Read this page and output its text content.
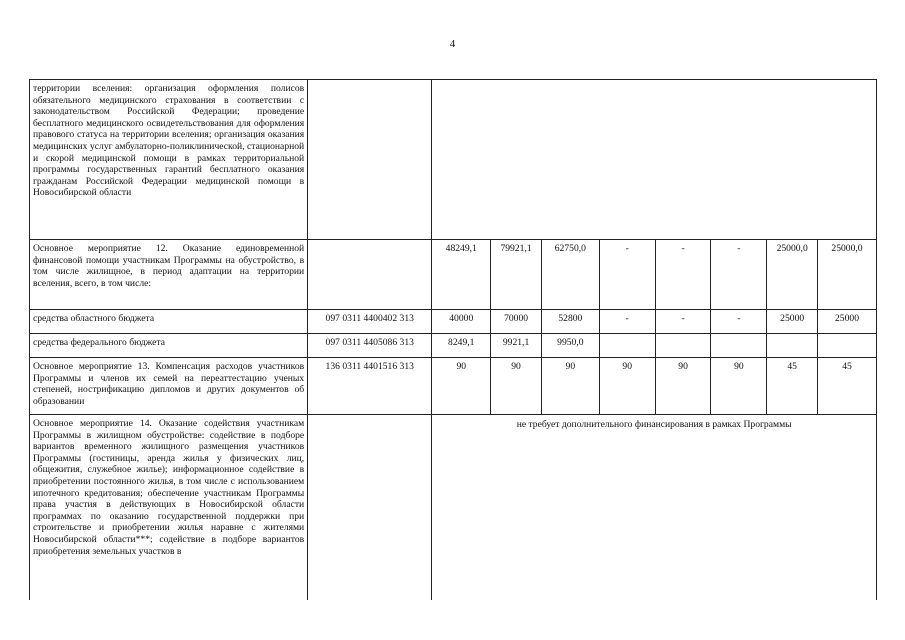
4
территории вселения: организация оформления полисов обязательного медицинского страхования в соответствии с законодательством Российской Федерации; проведение бесплатного медицинского освидетельствования для оформления правового статуса на территории вселения; организация оказания медицинских услуг амбулаторно-поликлинической, стационарной и скорой медицинской помощи в рамках территориальной программы государственных гарантий бесплатного оказания гражданам Российской Федерации медицинской помощи в Новосибирской области									
Основное мероприятие 12. Оказание единовременной финансовой помощи участникам Программы на обустройство, в том числе жилищное, в период адаптации на территории вселения, всего, в том числе:		48249,1	79921,1	62750,0	-	-	-	25000,0	25000,0
средства областного бюджета	097 0311 4400402 313	40000	70000	52800	-	-	-	25000	25000
средства федерального бюджета	097 0311 4405086 313	8249,1	9921,1	9950,0					
Основное мероприятие 13. Компенсация расходов участников Программы и членов их семей на переаттестацию ученых степеней, нострификацию дипломов и других документов об образовании	136 0311 4401516 313	90	90	90	90	90	90	45	45
Основное мероприятие 14. Оказание содействия участникам Программы в жилищном обустройстве: содействие в подборе вариантов временного жилищного размещения участников Программы (гостиницы, аренда жилья у физических лиц, общежития, служебное жилье); информационное содействие в приобретении постоянного жилья, в том числе с использованием ипотечного кредитования; обеспечение участникам Программы права участия в действующих в Новосибирской области программах по оказанию государственной поддержки при строительстве и приобретении жилья наравне с жителями Новосибирской области***; содействие в подборе вариантов приобретения земельных участков в		не требует дополнительного финансирования в рамках Программы							
